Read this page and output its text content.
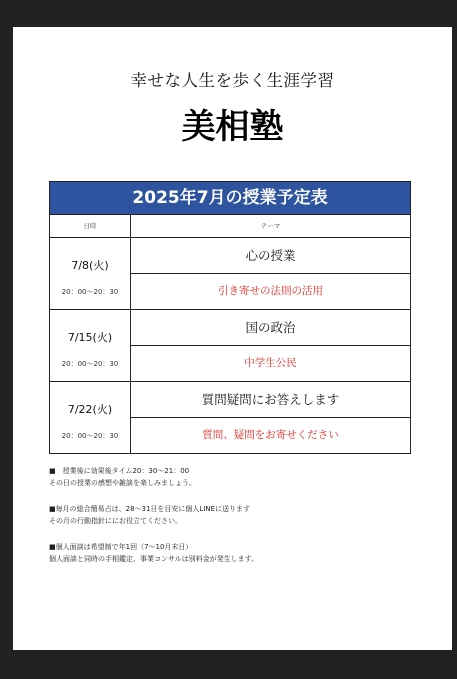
幸せな人生を歩く生涯学習
美相塾
2025年7月の授業予定表
日時	テーマ
7/8(火)
20：00～20：30
心の授業
引き寄せの法則の活用
7/15(火)
20：00～20：30
国の政治
中学生公民
7/22(火)
20：00～20：30
質問疑問にお答えします
質問、疑問をお寄せください

■　授業後に効果後タイム20：30～21：00

その日の授業の感想や雑談を楽しみましょう。

■毎月の総合簡易占は、28～31日を目安に個人LINEに送ります

その月の行動指針ににお役立てください。

■個人面談は希望制で年1回（7～10月末日）

個人面談と同時の手相鑑定、事業コンサルは別料金が発生します。
